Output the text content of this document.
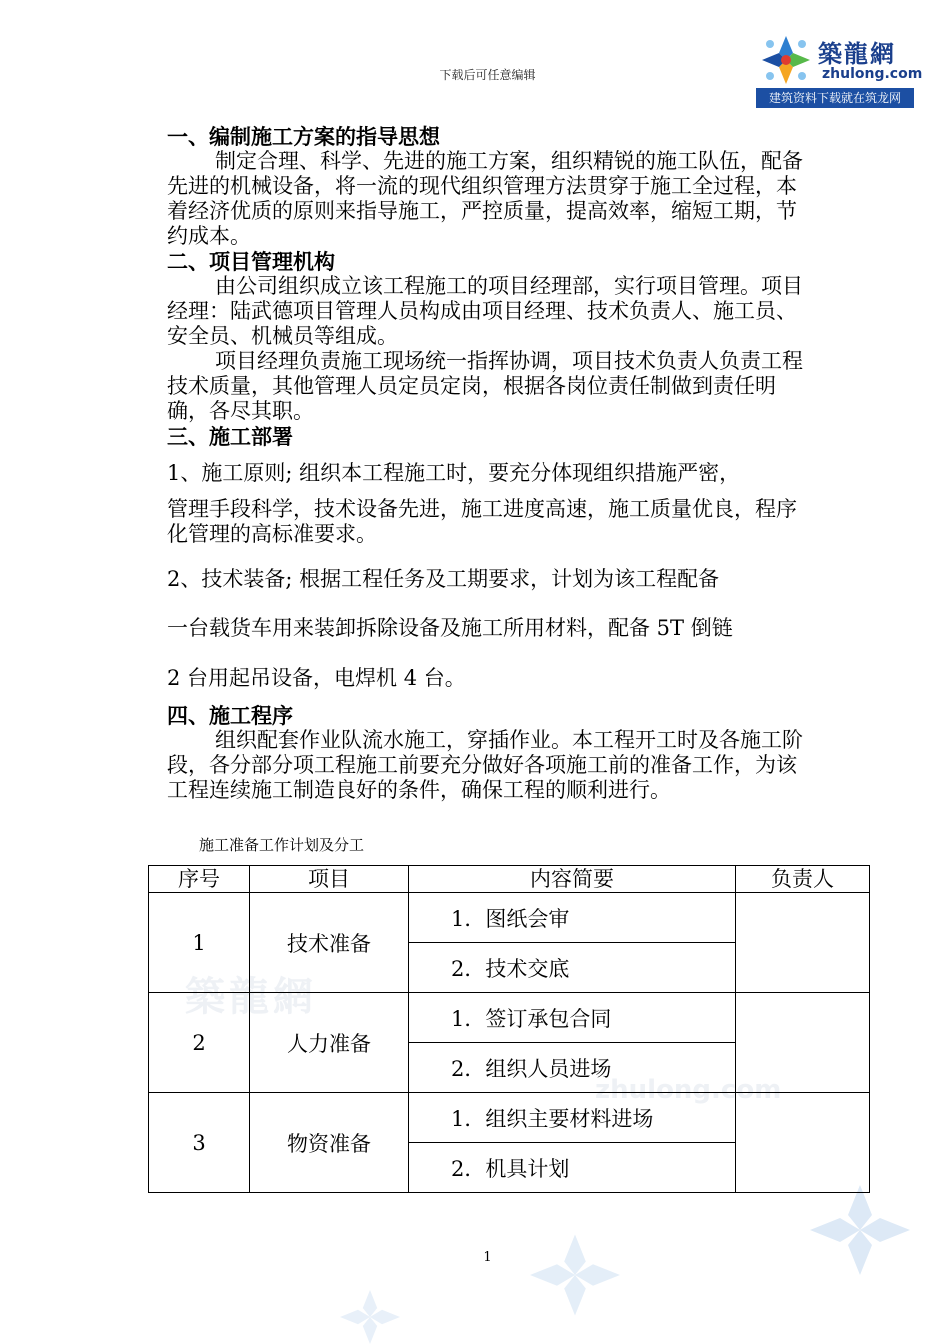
下载后可任意编辑
築龍網
zhulong.com
建筑资料下载就在筑龙网
築龍網
zhulong.com

一、编制施工方案的指导思想

制定合理、科学、先进的施工方案，组织精锐的施工队伍，配备先进的机械设备，将一流的现代组织管理方法贯穿于施工全过程，本着经济优质的原则来指导施工，严控质量，提高效率，缩短工期，节约成本。

二、项目管理机构

由公司组织成立该工程施工的项目经理部，实行项目管理。项目经理：陆武德项目管理人员构成由项目经理、技术负责人、施工员、安全员、机械员等组成。

项目经理负责施工现场统一指挥协调，项目技术负责人负责工程技术质量，其他管理人员定员定岗，根据各岗位责任制做到责任明确，各尽其职。

三、施工部署

1、施工原则; 组织本工程施工时，要充分体现组织措施严密，

管理手段科学，技术设备先进，施工进度高速，施工质量优良，程序化管理的高标准要求。

2、技术装备; 根据工程任务及工期要求，计划为该工程配备

一台载货车用来装卸拆除设备及施工所用材料，配备 5T 倒链

2 台用起吊设备，电焊机 4 台。

四、施工程序

组织配套作业队流水施工，穿插作业。本工程开工时及各施工阶段，各分部分项工程施工前要充分做好各项施工前的准备工作，为该工程连续施工制造良好的条件，确保工程的顺利进行。

施工准备工作计划及分工
序号	项目	内容简要	负责人
1	技术准备	1．图纸会审	
		2．技术交底	
2	人力准备	1．签订承包合同	
		2．组织人员进场	
3	物资准备	1．组织主要材料进场	
		2．机具计划	
1
